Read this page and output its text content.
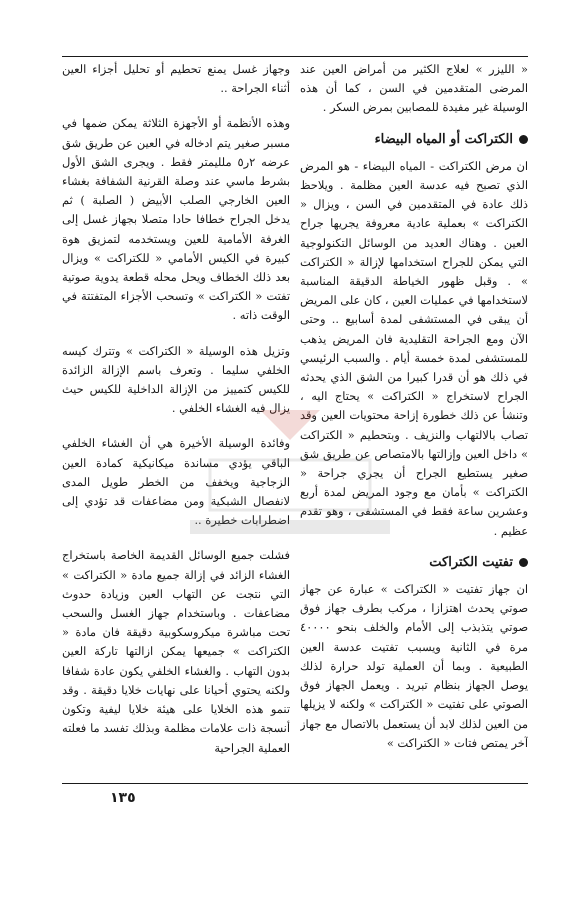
« الليزر » لعلاج الكثير من أمراض العين عند المرضى المتقدمين في السن ، كما أن هذه الوسيلة غير مفيدة للمصابين بمرض السكر .

الكتراكت أو المياه البيضاء

ان مرض الكتراكت - المياه البيضاء - هو المرض الذي تصبح فيه عدسة العين مظلمة . ويلاحظ ذلك عادة في المتقدمين في السن ، ويزال « الكتراكت » بعملية عادية معروفة يجريها جراح العين . وهناك العديد من الوسائل التكنولوجية التي يمكن للجراح استخدامها لإزالة « الكتراكت » . وقبل ظهور الخياطة الدقيقة المناسبة لاستخدامها في عمليات العين ، كان على المريض أن يبقى في المستشفى لمدة أسابيع .. وحتى الآن ومع الجراحة التقليدية فان المريض يذهب للمستشفى لمدة خمسة أيام . والسبب الرئيسي في ذلك هو أن قدرا كبيرا من الشق الذي يحدثه الجراح لاستخراج « الكتراكت » يحتاج اليه ، وتنشأ عن ذلك خطورة إزاحة محتويات العين وقد تصاب بالالتهاب والنزيف . وبتحطيم « الكتراكت » داخل العين وإزالتها بالامتصاص عن طريق شق صغير يستطيع الجراح أن يجري جراحة « الكتراكت » بأمان مع وجود المريض لمدة أربع وعشرين ساعة فقط في المستشفى ، وهو تقدم عظيم .

تفتيت الكتراكت

ان جهاز تفتيت « الكتراكت » عبارة عن جهاز صوتي يحدث اهتزازا ، مركب بطرف جهاز فوق صوتي يتذبذب إلى الأمام والخلف بنحو ٤٠٠٠٠ مرة في الثانية ويسبب تفتيت عدسة العين الطبيعية . وبما أن العملية تولد حرارة لذلك يوصل الجهاز بنظام تبريد . ويعمل الجهاز فوق الصوتي على تفتيت « الكتراكت » ولكنه لا يزيلها من العين لذلك لابد أن يستعمل بالاتصال مع جهاز آخر يمتص فتات « الكتراكت »

وجهاز غسل يمنع تحطيم أو تحليل أجزاء العين أثناء الجراحة ..

وهذه الأنظمة أو الأجهزة الثلاثة يمكن ضمها في مسبر صغير يتم ادخاله في العين عن طريق شق عرضه ٢ر٥ ملليمتر فقط . ويجرى الشق الأول بشرط ماسي عند وصلة القرنية الشفافة بغشاء العين الخارجي الصلب الأبيض ( الصلبة ) ثم يدخل الجراح خطافا حادا متصلا بجهاز غسل إلى الغرفة الأمامية للعين ويستخدمه لتمزيق هوة كبيرة في الكيس الأمامي « للكتراكت » ويزال بعد ذلك الخطاف ويحل محله قطعة يدوية صوتية تفتت « الكتراكت » وتسحب الأجزاء المتفتتة في الوقت ذاته .

وتزيل هذه الوسيلة « الكتراكت » وتترك كيسه الخلفي سليما . وتعرف باسم الإزالة الزائدة للكيس كتمييز من الإزالة الداخلية للكيس حيث يزال فيه الغشاء الخلفي .

وفائدة الوسيلة الأخيرة هي أن الغشاء الخلفي الباقي يؤدي مساندة ميكانيكية كمادة العين الزجاجية ويخفف من الخطر طويل المدى لانفصال الشبكية ومن مضاعفات قد تؤدي إلى اضطرابات خطيرة ..

فشلت جميع الوسائل القديمة الخاصة باستخراج الغشاء الزائد في إزالة جميع مادة « الكتراكت » التي نتجت عن التهاب العين وزيادة حدوث مضاعفات . وباستخدام جهاز الغسل والسحب تحت مباشرة ميكروسكوبية دقيقة فان مادة « الكتراكت » جميعها يمكن ازالتها تاركة العين بدون التهاب . والغشاء الخلفي يكون عادة شفافا ولكنه يحتوي أحيانا على نهايات خلايا دقيقة . وقد تنمو هذه الخلايا على هيئة خلايا ليفية وتكون أنسجة ذات علامات مظلمة وبذلك تفسد ما فعلته العملية الجراحية

١٣٥
